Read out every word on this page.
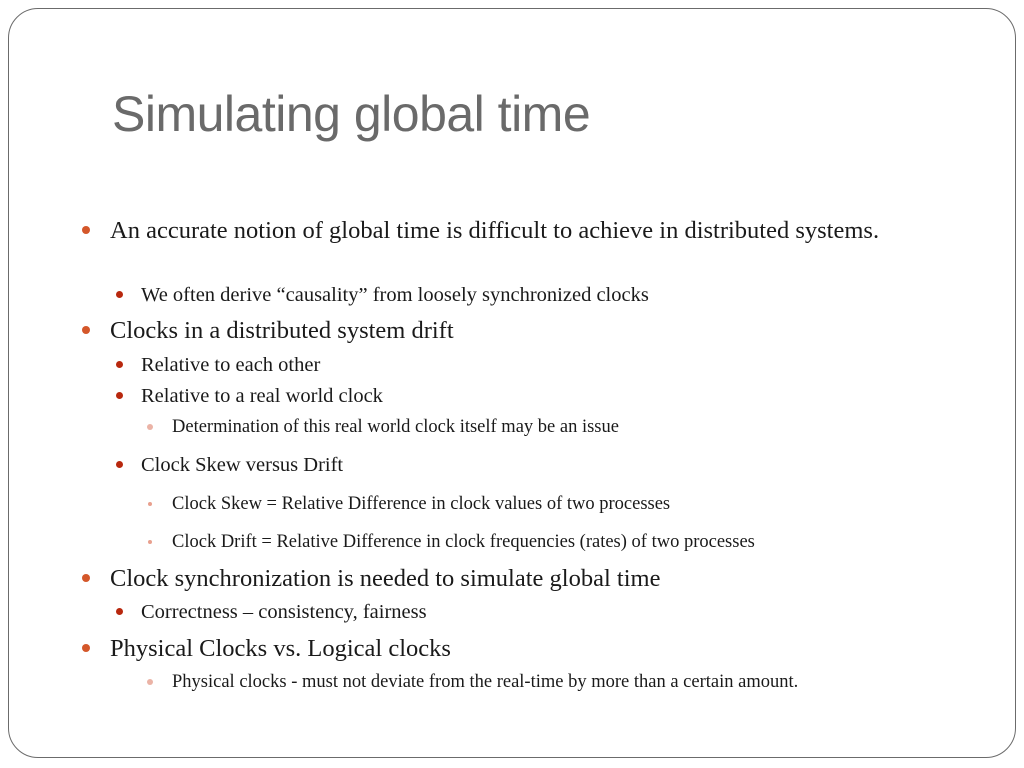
Simulating global time
An accurate notion of global time is difficult to achieve in distributed systems.
We often derive “causality” from loosely synchronized clocks
Clocks in a distributed system drift
Relative to each other
Relative to a real world clock
Determination of this real world clock itself may be an issue
Clock Skew versus Drift
Clock Skew = Relative Difference in clock values of two processes
Clock Drift = Relative Difference in clock frequencies (rates) of two processes
Clock synchronization is needed to simulate global time
Correctness – consistency, fairness
Physical Clocks vs. Logical clocks
Physical clocks - must not deviate from the real-time by more than a certain amount.
